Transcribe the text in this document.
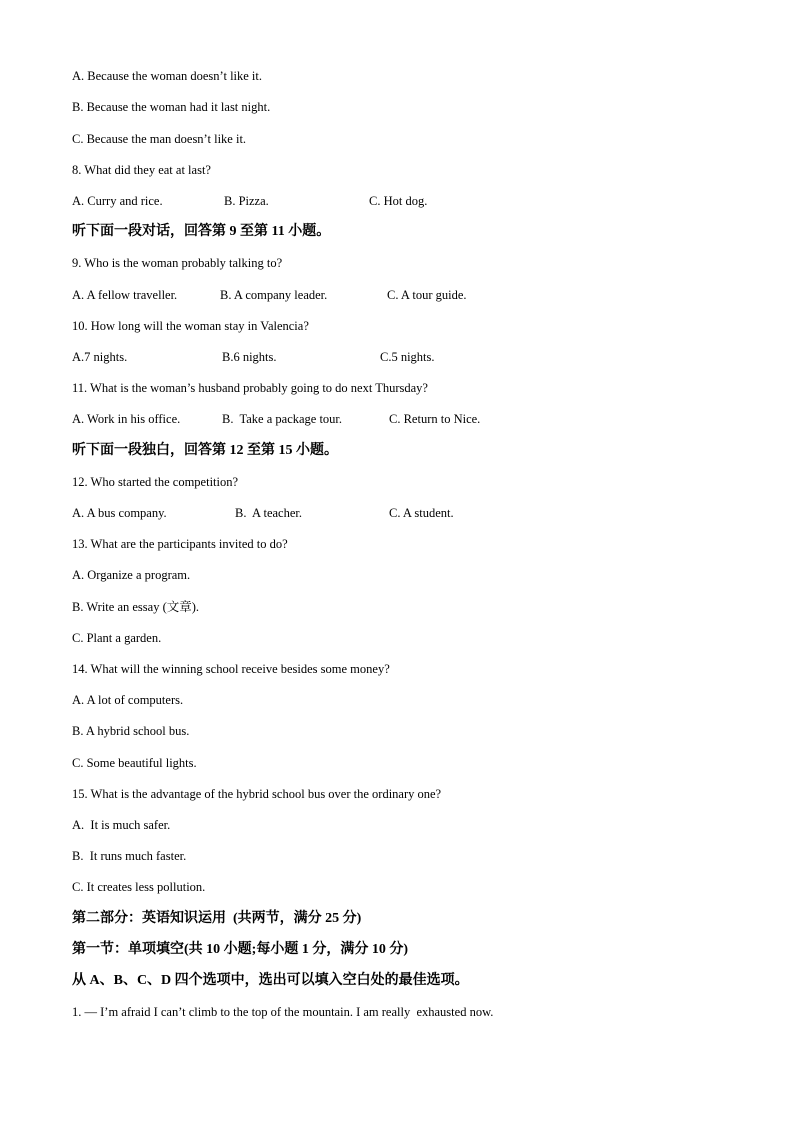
A. Because the woman doesn’t like it.
B. Because the woman had it last night.
C. Because the man doesn’t like it.
8. What did they eat at last?
A. Curry and rice.	B. Pizza.	C. Hot dog.
听下面一段对话，回答第 9 至第 11 小题。
9. Who is the woman probably talking to?
A. A fellow traveller.	B. A company leader.	C. A tour guide.
10. How long will the woman stay in Valencia?
A.7 nights.	B.6 nights.	C.5 nights.
11. What is the woman’s husband probably going to do next Thursday?
A. Work in his office.	B.  Take a package tour.	C. Return to Nice.
听下面一段独白，回答第 12 至第 15 小题。
12. Who started the competition?
A. A bus company.	B.  A teacher.	C. A student.
13. What are the participants invited to do?
A. Organize a program.
B. Write an essay (文章).
C. Plant a garden.
14. What will the winning school receive besides some money?
A. A lot of computers.
B. A hybrid school bus.
C. Some beautiful lights.
15. What is the advantage of the hybrid school bus over the ordinary one?
A.  It is much safer.
B.  It runs much faster.
C. It creates less pollution.
第二部分：英语知识运用  (共两节，满分 25 分)
第一节：单项填空(共 10 小题;每小题 1 分，满分 10 分)
从 A、B、C、D 四个选项中，选出可以填入空白处的最佳选项。
1. — I’m afraid I can’t climb to the top of the mountain. I am really  exhausted now.
